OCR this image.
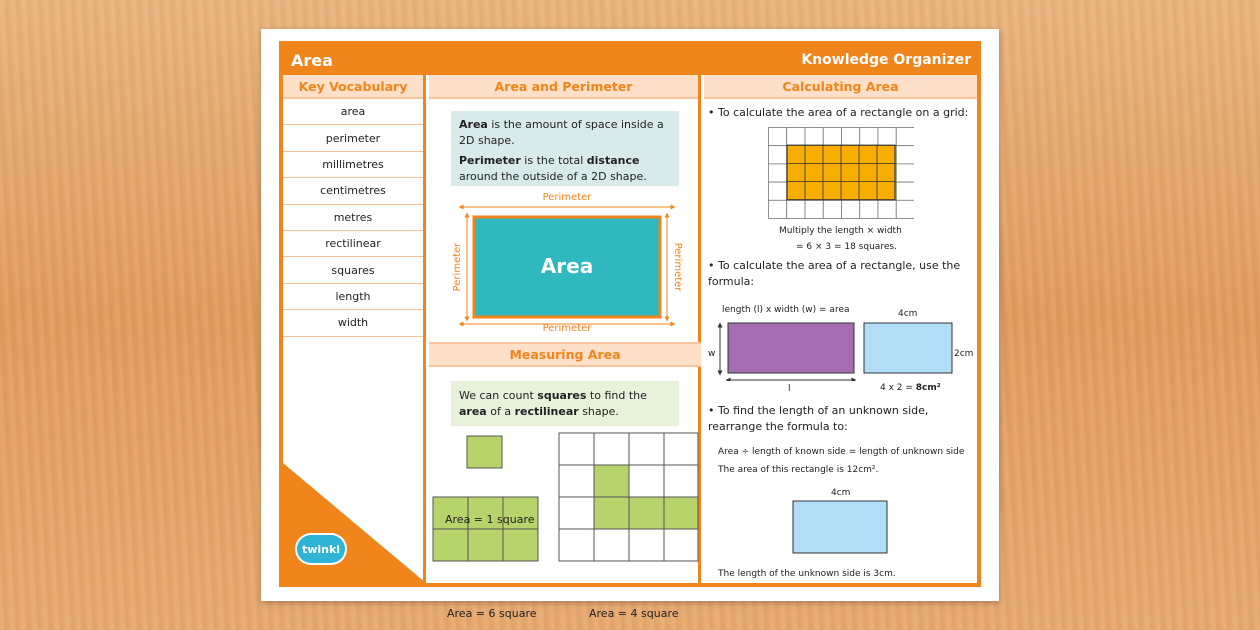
Area	Knowledge Organizer
Key Vocabulary
area
perimeter
millimetres
centimetres
metres
rectilinear
squares
length
width
twinkl
Area and Perimeter

Area is the amount of space inside a 2D shape.

Perimeter is the total distance around the outside of a 2D shape.

Perimeter
Area
Perimeter	Perimeter
Perimeter
Measuring Area
We can count squares to find the area of a rectilinear shape.
Area = 1 square
Area = 6 square	Area = 4 square
Calculating Area
• To calculate the area of a rectangle on a grid:
Multiply the length × width
= 6 × 3 = 18 squares.
• To calculate the area of a rectangle, use the formula:
length (l) x width (w) = area	4cm
w
l
2cm
4 x 2 = 8cm²
• To find the length of an unknown side, rearrange the formula to:
Area ÷ length of known side = length of unknown side
The area of this rectangle is 12cm².
4cm
The length of the unknown side is 3cm.
